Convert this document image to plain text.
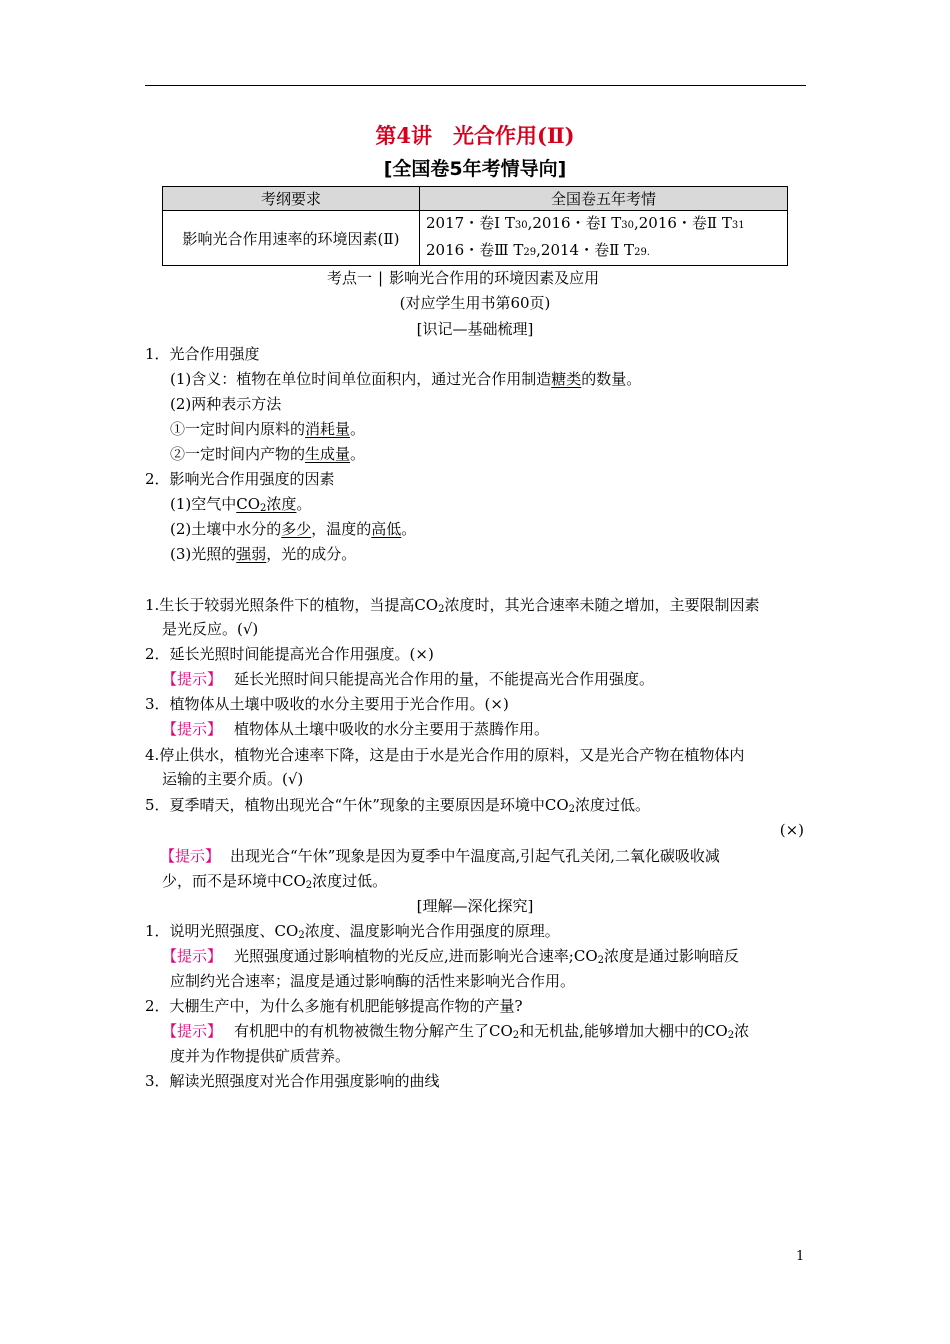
第4讲　光合作用(Ⅱ)
[全国卷5年考情导向]
考纲要求	全国卷五年考情
影响光合作用速率的环境因素(Ⅱ)	2017・卷Ⅰ T30,2016・卷Ⅰ T30,2016・卷Ⅱ T31
2016・卷Ⅲ T29,2014・卷Ⅱ T29.
考点一 | 影响光合作用的环境因素及应用
(对应学生用书第60页)
[识记—基础梳理]
1．光合作用强度
(1)含义：植物在单位时间单位面积内，通过光合作用制造糖类的数量。
(2)两种表示方法
①一定时间内原料的消耗量。
②一定时间内产物的生成量。
2．影响光合作用强度的因素
(1)空气中$CO_2$浓度。
(2)土壤中水分的多少，温度的高低。
(3)光照的强弱，光的成分。
1.生长于较弱光照条件下的植物，当提高$CO_2$浓度时，其光合速率未随之增加，主要限制因素
是光反应。(√)
2．延长光照时间能提高光合作用强度。(×)
【提示】 延长光照时间只能提高光合作用的量，不能提高光合作用强度。
3．植物体从土壤中吸收的水分主要用于光合作用。(×)
【提示】 植物体从土壤中吸收的水分主要用于蒸腾作用。
4.停止供水，植物光合速率下降，这是由于水是光合作用的原料，又是光合产物在植物体内
运输的主要介质。(√)
5．夏季晴天，植物出现光合“午休”现象的主要原因是环境中$CO_2$浓度过低。
(×)
【提示】 出现光合“午休”现象是因为夏季中午温度高,引起气孔关闭,二氧化碳吸收减
少，而不是环境中$CO_2$浓度过低。
[理解—深化探究]
1．说明光照强度、$CO_2$浓度、温度影响光合作用强度的原理。
【提示】 光照强度通过影响植物的光反应,进而影响光合速率$;CO_2$浓度是通过影响暗反
应制约光合速率；温度是通过影响酶的活性来影响光合作用。
2．大棚生产中，为什么多施有机肥能够提高作物的产量?
【提示】 有机肥中的有机物被微生物分解产生了$CO_2$和无机盐,能够增加大棚中的$CO_2$浓
度并为作物提供矿质营养。
3．解读光照强度对光合作用强度影响的曲线
1
